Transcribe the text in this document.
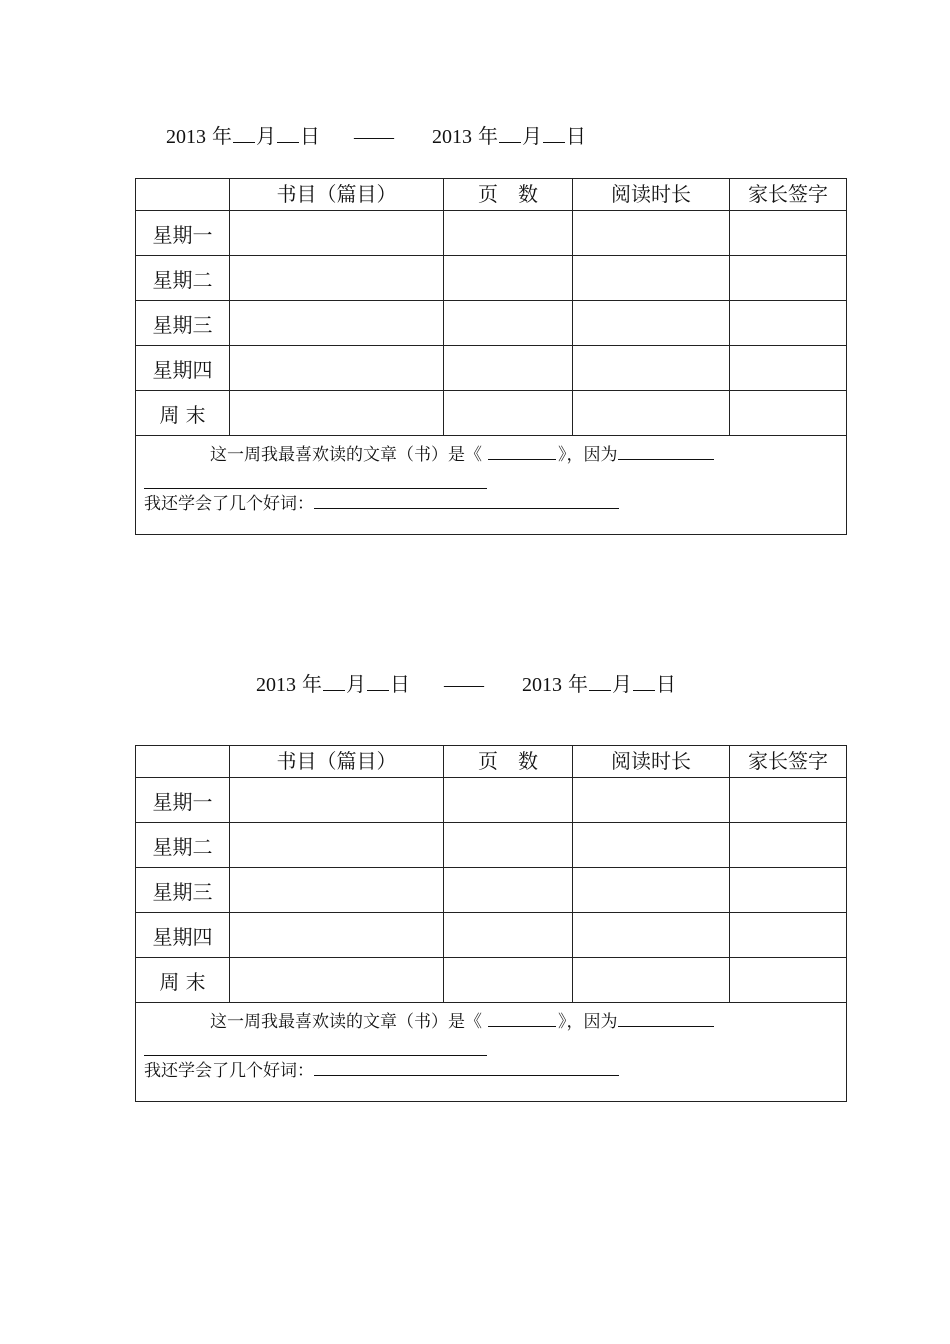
2013 年 月 日 —— 2013 年 月 日
	书目（篇目）	页　数	阅读时长	家长签字
星期一				
星期二				
星期三				
星期四				
周 末				

这一周我最喜欢读的文章（书）是《 》，因为
我还学会了几个好词：				
2013 年 月 日 —— 2013 年 月 日
	书目（篇目）	页　数	阅读时长	家长签字
星期一				
星期二				
星期三				
星期四				
周 末				

这一周我最喜欢读的文章（书）是《 》，因为
我还学会了几个好词：				
